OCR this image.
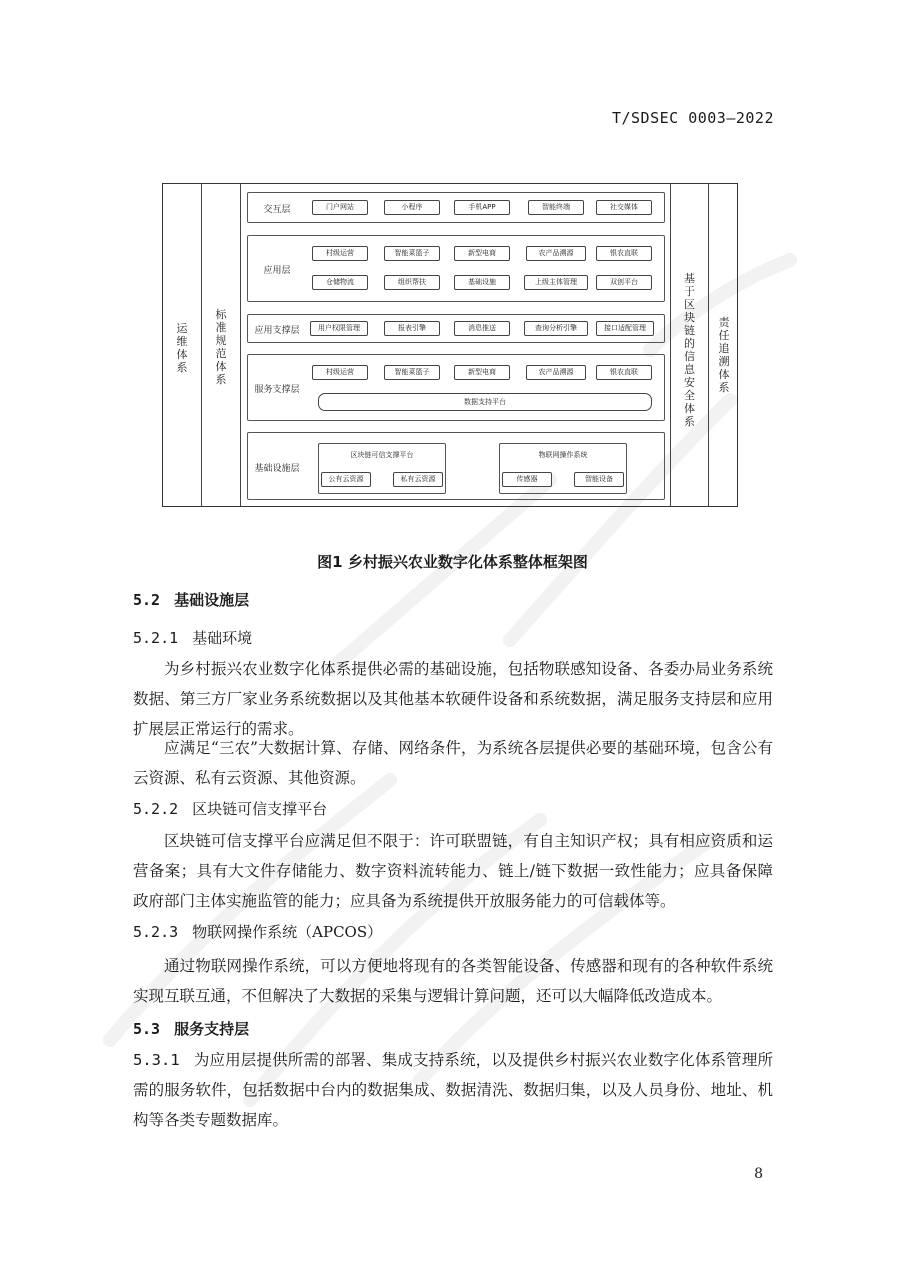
T/SDSEC 0003—2022
运
维
体
系
标
准
规
范
体
系
基
于
区
块
链
的
信
息
安
全
体
系
责
任
追
溯
体
系
交互层	门户网站	小程序	手机APP	智能终端	社交媒体
应用层
村级运营	智能菜篮子	新型电商	农产品溯源	银农直联
仓储物流	组织帮扶	基础设施	上级主体管理	双创平台
应用支撑层	用户权限管理	报表引擎	消息推送	查询分析引擎	接口适配管理
服务支撑层
村级运营	智能菜篮子	新型电商	农产品溯源	银农直联
数据支持平台
基础设施层
区块链可信支撑平台
公有云资源	私有云资源
物联网操作系统
传感器	智能设备
图1 乡村振兴农业数字化体系整体框架图
5.2 基础设施层
5.2.1 基础环境
为乡村振兴农业数字化体系提供必需的基础设施，包括物联感知设备、各委办局业务系统数据、第三方厂家业务系统数据以及其他基本软硬件设备和系统数据，满足服务支持层和应用扩展层正常运行的需求。
应满足“三农”大数据计算、存储、网络条件，为系统各层提供必要的基础环境，包含公有云资源、私有云资源、其他资源。
5.2.2 区块链可信支撑平台
区块链可信支撑平台应满足但不限于：许可联盟链，有自主知识产权；具有相应资质和运营备案；具有大文件存储能力、数字资料流转能力、链上/链下数据一致性能力；应具备保障政府部门主体实施监管的能力；应具备为系统提供开放服务能力的可信载体等。
5.2.3 物联网操作系统（APCOS）
通过物联网操作系统，可以方便地将现有的各类智能设备、传感器和现有的各种软件系统实现互联互通，不但解决了大数据的采集与逻辑计算问题，还可以大幅降低改造成本。
5.3 服务支持层
5.3.1 为应用层提供所需的部署、集成支持系统，以及提供乡村振兴农业数字化体系管理所需的服务软件，包括数据中台内的数据集成、数据清洗、数据归集，以及人员身份、地址、机构等各类专题数据库。
8
